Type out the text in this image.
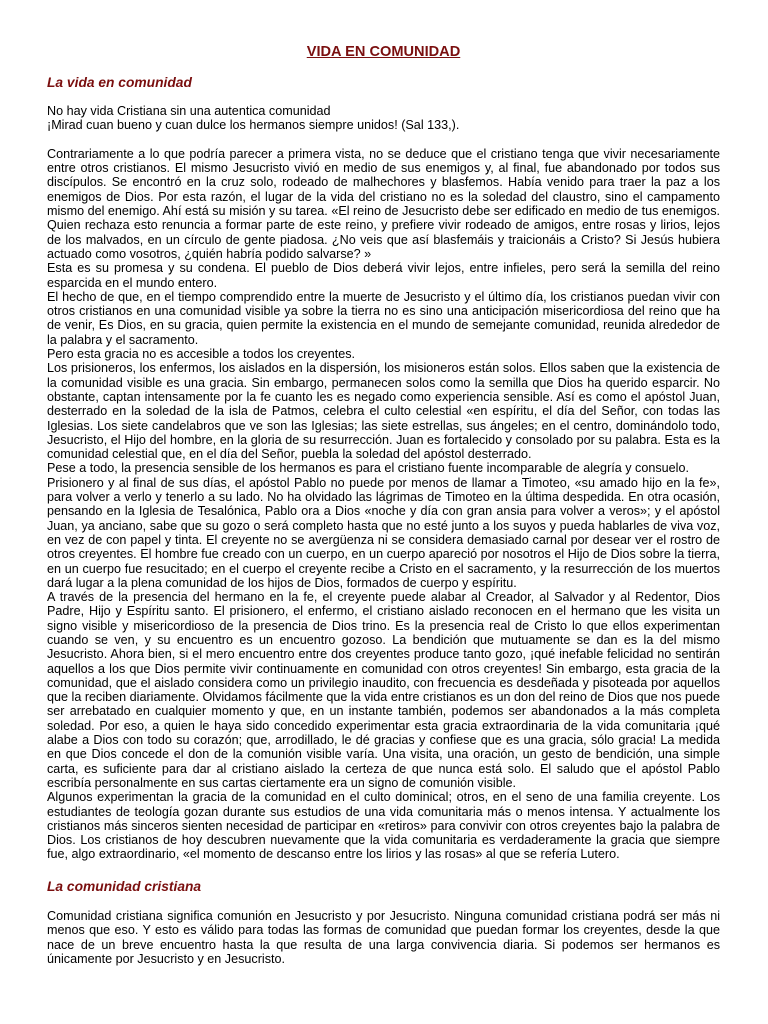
VIDA EN COMUNIDAD
La vida en comunidad

No hay vida Cristiana sin una autentica comunidad

¡Mirad cuan bueno y cuan dulce los hermanos siempre unidos! (Sal 133,).

Contrariamente a lo que podría parecer a primera vista, no se deduce que el cristiano tenga que vivir necesariamente entre otros cristianos. El mismo Jesucristo vivió en medio de sus enemigos y, al final, fue abandonado por todos sus discípulos. Se encontró en la cruz solo, rodeado de malhechores y blasfemos. Había venido para traer la paz a los enemigos de Dios. Por esta razón, el lugar de la vida del cristiano no es la soledad del claustro, sino el campamento mismo del enemigo. Ahí está su misión y su tarea. «El reino de Jesucristo debe ser edificado en medio de tus enemigos. Quien rechaza esto renuncia a formar parte de este reino, y prefiere vivir rodeado de amigos, entre rosas y lirios, lejos de los malvados, en un círculo de gente piadosa. ¿No veis que así blasfemáis y traicionáis a Cristo? Si Jesús hubiera actuado como vosotros, ¿quién habría podido salvarse? »

Esta es su promesa y su condena. El pueblo de Dios deberá vivir lejos, entre infieles, pero será la semilla del reino esparcida en el mundo entero.

El hecho de que, en el tiempo comprendido entre la muerte de Jesucristo y el último día, los cristianos puedan vivir con otros cristianos en una comunidad visible ya sobre la tierra no es sino una anticipación misericordiosa del reino que ha de venir, Es Dios, en su gracia, quien permite la existencia en el mundo de semejante comunidad, reunida alrededor de la palabra y el sacramento.

Pero esta gracia no es accesible a todos los creyentes.

Los prisioneros, los enfermos, los aislados en la dispersión, los misioneros están solos. Ellos saben que la existencia de la comunidad visible es una gracia. Sin embargo, permanecen solos como la semilla que Dios ha querido esparcir. No obstante, captan intensamente por la fe cuanto les es negado como experiencia sensible. Así es como el apóstol Juan, desterrado en la soledad de la isla de Patmos, celebra el culto celestial «en espíritu, el día del Señor, con todas las Iglesias. Los siete candelabros que ve son las Iglesias; las siete estrellas, sus ángeles; en el centro, dominándolo todo, Jesucristo, el Hijo del hombre, en la gloria de su resurrección. Juan es fortalecido y consolado por su palabra. Esta es la comunidad celestial que, en el día del Señor, puebla la soledad del apóstol desterrado.

Pese a todo, la presencia sensible de los hermanos es para el cristiano fuente incomparable de alegría y consuelo.

Prisionero y al final de sus días, el apóstol Pablo no puede por menos de llamar a Timoteo, «su amado hijo en la fe», para volver a verlo y tenerlo a su lado. No ha olvidado las lágrimas de Timoteo en la última despedida. En otra ocasión, pensando en la Iglesia de Tesalónica, Pablo ora a Dios «noche y día con gran ansia para volver a veros»; y el apóstol Juan, ya anciano, sabe que su gozo o será completo hasta que no esté junto a los suyos y pueda hablarles de viva voz, en vez de con papel y tinta. El creyente no se avergüenza ni se considera demasiado carnal por desear ver el rostro de otros creyentes. El hombre fue creado con un cuerpo, en un cuerpo apareció por nosotros el Hijo de Dios sobre la tierra, en un cuerpo fue resucitado; en el cuerpo el creyente recibe a Cristo en el sacramento, y la resurrección de los muertos dará lugar a la plena comunidad de los hijos de Dios, formados de cuerpo y espíritu.

A través de la presencia del hermano en la fe, el creyente puede alabar al Creador, al Salvador y al Redentor, Dios Padre, Hijo y Espíritu santo. El prisionero, el enfermo, el cristiano aislado reconocen en el hermano que les visita un signo visible y misericordioso de la presencia de Dios trino. Es la presencia real de Cristo lo que ellos experimentan cuando se ven, y su encuentro es un encuentro gozoso. La bendición que mutuamente se dan es la del mismo Jesucristo. Ahora bien, si el mero encuentro entre dos creyentes produce tanto gozo, ¡qué inefable felicidad no sentirán aquellos a los que Dios permite vivir continuamente en comunidad con otros creyentes! Sin embargo, esta gracia de la comunidad, que el aislado considera como un privilegio inaudito, con frecuencia es desdeñada y pisoteada por aquellos que la reciben diariamente. Olvidamos fácilmente que la vida entre cristianos es un don del reino de Dios que nos puede ser arrebatado en cualquier momento y que, en un instante también, podemos ser abandonados a la más completa soledad. Por eso, a quien le haya sido concedido experimentar esta gracia extraordinaria de la vida comunitaria ¡qué alabe a Dios con todo su corazón; que, arrodillado, le dé gracias y confiese que es una gracia, sólo gracia! La medida en que Dios concede el don de la comunión visible varía. Una visita, una oración, un gesto de bendición, una simple carta, es suficiente para dar al cristiano aislado la certeza de que nunca está solo. El saludo que el apóstol Pablo escribía personalmente en sus cartas ciertamente era un signo de comunión visible.

Algunos experimentan la gracia de la comunidad en el culto dominical; otros, en el seno de una familia creyente. Los estudiantes de teología gozan durante sus estudios de una vida comunitaria más o menos intensa. Y actualmente los cristianos más sinceros sienten necesidad de participar en «retiros» para convivir con otros creyentes bajo la palabra de Dios. Los cristianos de hoy descubren nuevamente que la vida comunitaria es verdaderamente la gracia que siempre fue, algo extraordinario, «el momento de descanso entre los lirios y las rosas» al que se refería Lutero.

La comunidad cristiana

Comunidad cristiana significa comunión en Jesucristo y por Jesucristo. Ninguna comunidad cristiana podrá ser más ni menos que eso. Y esto es válido para todas las formas de comunidad que puedan formar los creyentes, desde la que nace de un breve encuentro hasta la que resulta de una larga convivencia diaria. Si podemos ser hermanos es únicamente por Jesucristo y en Jesucristo.
